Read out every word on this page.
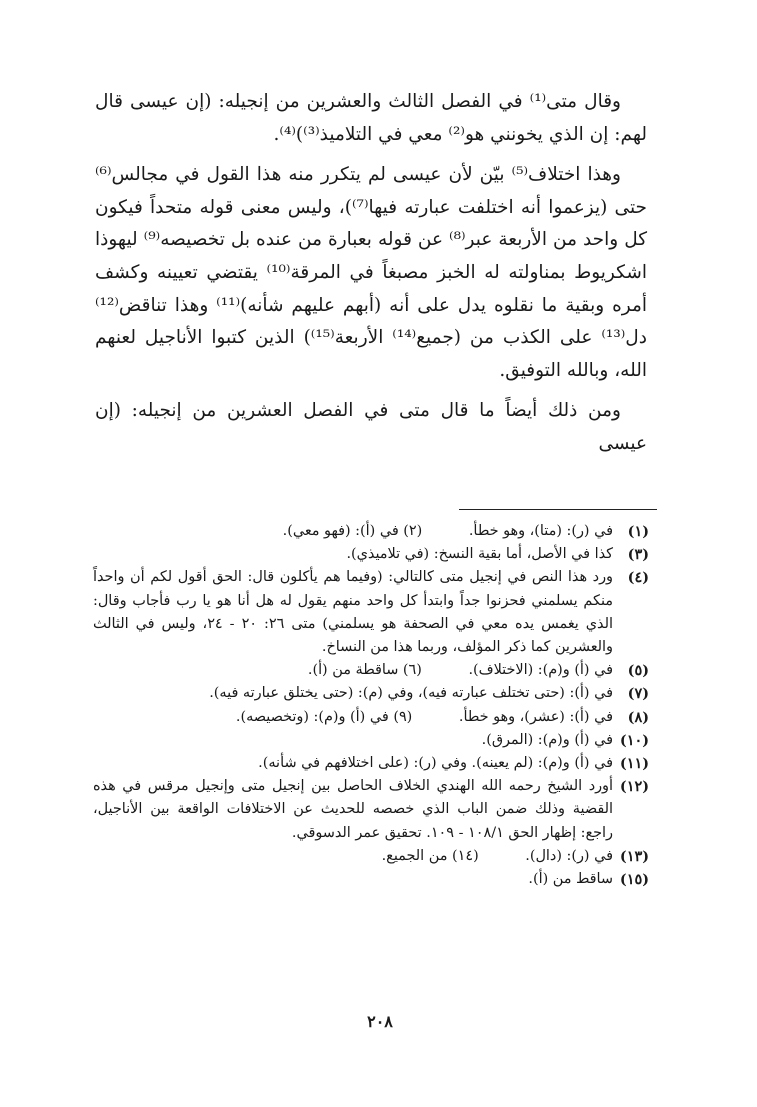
وقال متى⁽¹⁾ في الفصل الثالث والعشرين من إنجيله: (إن عيسى قال لهم: إن الذي يخونني هو⁽²⁾ معي في التلاميذ⁽³⁾)⁽⁴⁾.

وهذا اختلاف⁽⁵⁾ بيّن لأن عيسى لم يتكرر منه هذا القول في مجالس⁽⁶⁾ حتى (يزعموا أنه اختلفت عبارته فيها⁽⁷⁾)، وليس معنى قوله متحداً فيكون كل واحد من الأربعة عبر⁽⁸⁾ عن قوله بعبارة من عنده بل تخصيصه⁽⁹⁾ ليهوذا اشكريوط بمناولته له الخبز مصبغاً في المرقة⁽¹⁰⁾ يقتضي تعيينه وكشف أمره وبقية ما نقلوه يدل على أنه (أبهم عليهم شأنه)⁽¹¹⁾ وهذا تناقض⁽¹²⁾ دل⁽¹³⁾ على الكذب من (جميع⁽¹⁴⁾ الأربعة⁽¹⁵⁾) الذين كتبوا الأناجيل لعنهم الله، وبالله التوفيق.

ومن ذلك أيضاً ما قال متى في الفصل العشرين من إنجيله: (إن عيسى

(١)
في (ر): (متا)، وهو خطأ. (٢) في (أ): (فهو معي).
(٣)
كذا في الأصل، أما بقية النسخ: (في تلاميذي).
(٤)
ورد هذا النص في إنجيل متى كالتالي: (وفيما هم يأكلون قال: الحق أقول لكم أن واحداً منكم يسلمني فحزنوا جداً وابتدأ كل واحد منهم يقول له هل أنا هو يا رب فأجاب وقال: الذي يغمس يده معي في الصحفة هو يسلمني) متى ٢٦: ٢٠ - ٢٤، وليس في الثالث والعشرين كما ذكر المؤلف، وربما هذا من النساخ.
(٥)
في (أ) و(م): (الاختلاف). (٦) ساقطة من (أ).
(٧)
في (أ): (حتى تختلف عبارته فيه)، وفي (م): (حتى يختلق عبارته فيه).
(٨)
في (أ): (عشر)، وهو خطأ. (٩) في (أ) و(م): (وتخصيصه).
(١٠)
في (أ) و(م): (المرق).
(١١)
في (أ) و(م): (لم يعينه). وفي (ر): (على اختلافهم في شأنه).
(١٢)
أورد الشيخ رحمه الله الهندي الخلاف الحاصل بين إنجيل متى وإنجيل مرقس في هذه القضية وذلك ضمن الباب الذي خصصه للحديث عن الاختلافات الواقعة بين الأناجيل، راجع: إظهار الحق ١٠٨/١ - ١٠٩. تحقيق عمر الدسوقي.
(١٣)
في (ر): (دال). (١٤) من الجميع.
(١٥)
ساقط من (أ).
٢٠٨
